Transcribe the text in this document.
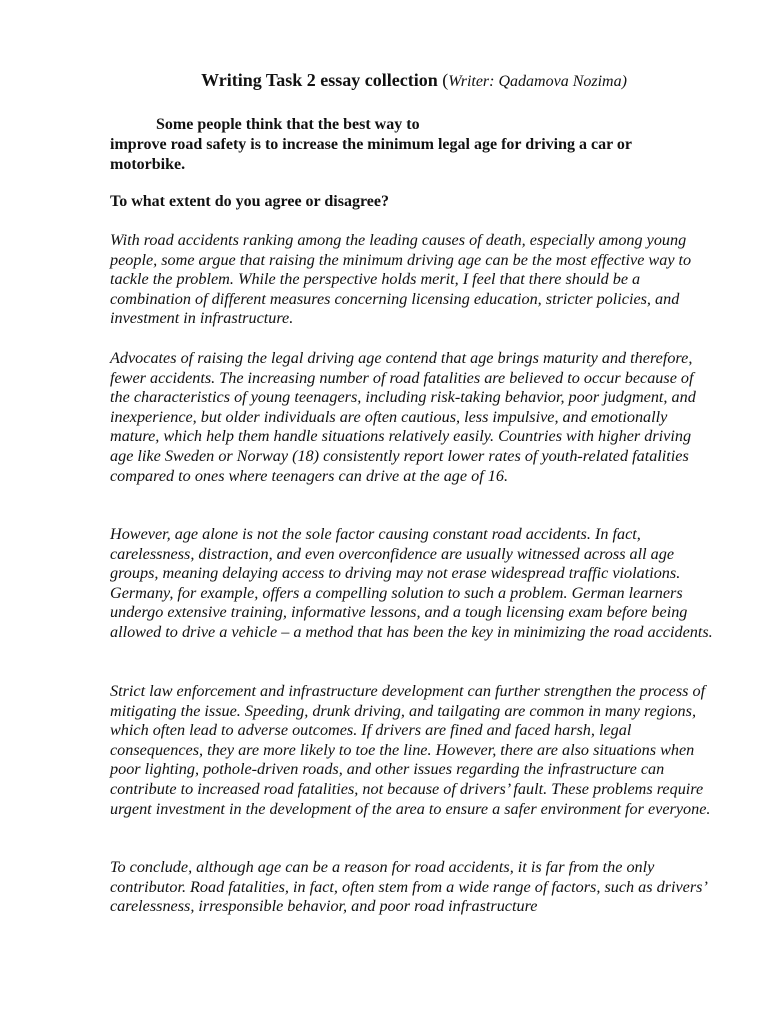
Writing Task 2 essay collection (Writer: Qadamova Nozima)
Some people think that the best way to
improve road safety is to increase the minimum legal age for driving a car or motorbike.
To what extent do you agree or disagree?

With road accidents ranking among the leading causes of death, especially among young people, some argue that raising the minimum driving age can be the most effective way to tackle the problem. While the perspective holds merit, I feel that there should be a combination of different measures concerning licensing education, stricter policies, and investment in infrastructure.

Advocates of raising the legal driving age contend that age brings maturity and therefore, fewer accidents. The increasing number of road fatalities are believed to occur because of the characteristics of young teenagers, including risk-taking behavior, poor judgment, and inexperience, but older individuals are often cautious, less impulsive, and emotionally mature, which help them handle situations relatively easily. Countries with higher driving age like Sweden or Norway (18) consistently report lower rates of youth-related fatalities compared to ones where teenagers can drive at the age of 16.

However, age alone is not the sole factor causing constant road accidents. In fact, carelessness, distraction, and even overconfidence are usually witnessed across all age groups, meaning delaying access to driving may not erase widespread traffic violations. Germany, for example, offers a compelling solution to such a problem. German learners undergo extensive training, informative lessons, and a tough licensing exam before being allowed to drive a vehicle – a method that has been the key in minimizing the road accidents.

Strict law enforcement and infrastructure development can further strengthen the process of mitigating the issue. Speeding, drunk driving, and tailgating are common in many regions, which often lead to adverse outcomes. If drivers are fined and faced harsh, legal consequences, they are more likely to toe the line. However, there are also situations when poor lighting, pothole-driven roads, and other issues regarding the infrastructure can contribute to increased road fatalities, not because of drivers’ fault. These problems require urgent investment in the development of the area to ensure a safer environment for everyone.

To conclude, although age can be a reason for road accidents, it is far from the only contributor. Road fatalities, in fact, often stem from a wide range of factors, such as drivers’ carelessness, irresponsible behavior, and poor road infrastructure
